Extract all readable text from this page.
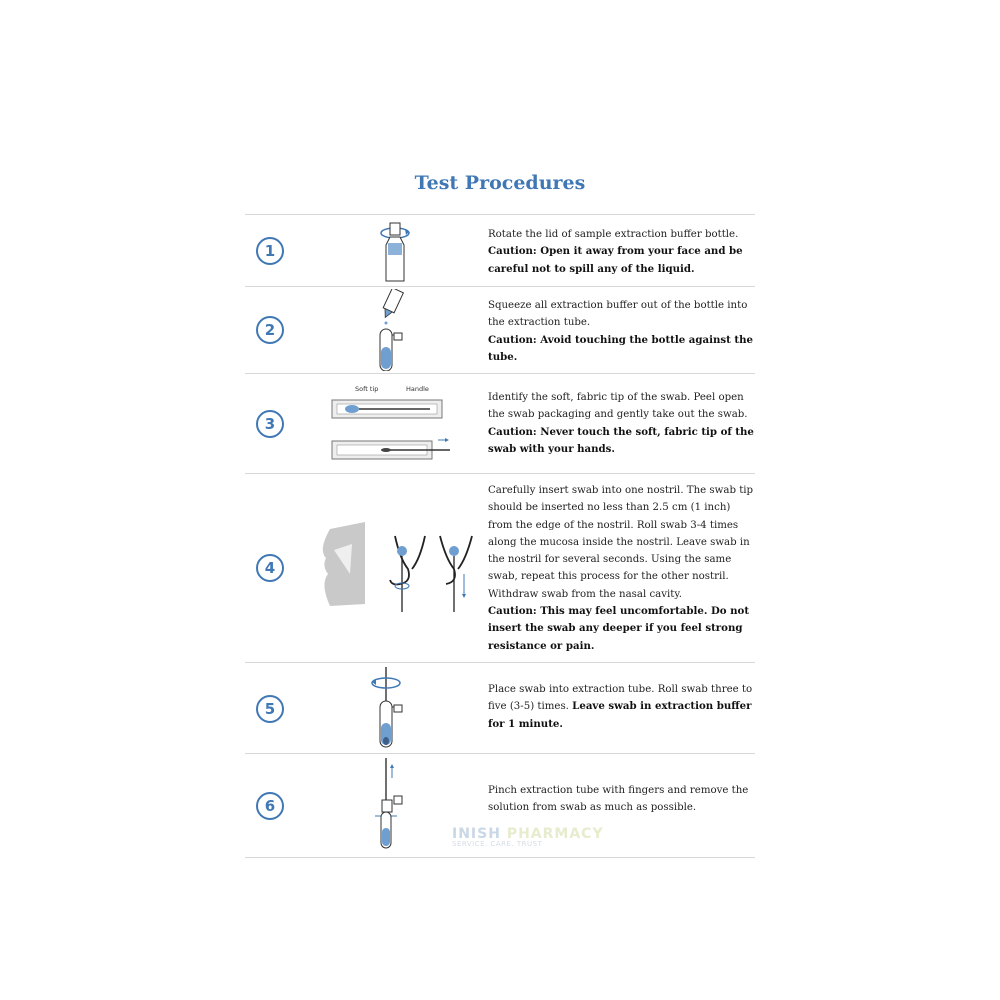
Test Procedures
1
Rotate the lid of sample extraction buffer bottle.
Caution: Open it away from your face and be careful not to spill any of the liquid.
2
Squeeze all extraction buffer out of the bottle into the extraction tube.
Caution: Avoid touching the bottle against the tube.
3
Soft tip	Handle
Identify the soft, fabric tip of the swab. Peel open the swab packaging and gently take out the swab.
Caution: Never touch the soft, fabric tip of the swab with your hands.
4
Carefully insert swab into one nostril. The swab tip should be inserted no less than 2.5 cm (1 inch) from the edge of the nostril. Roll swab 3-4 times along the mucosa inside the nostril. Leave swab in the nostril for several seconds. Using the same swab, repeat this process for the other nostril. Withdraw swab from the nasal cavity.
Caution: This may feel uncomfortable. Do not insert the swab any deeper if you feel strong resistance or pain.
5
Place swab into extraction tube. Roll swab three to five (3-5) times. Leave swab in extraction buffer for 1 minute.
6
Pinch extraction tube with fingers and remove the solution from swab as much as possible.
INISH PHARMACY
SERVICE. CARE. TRUST
